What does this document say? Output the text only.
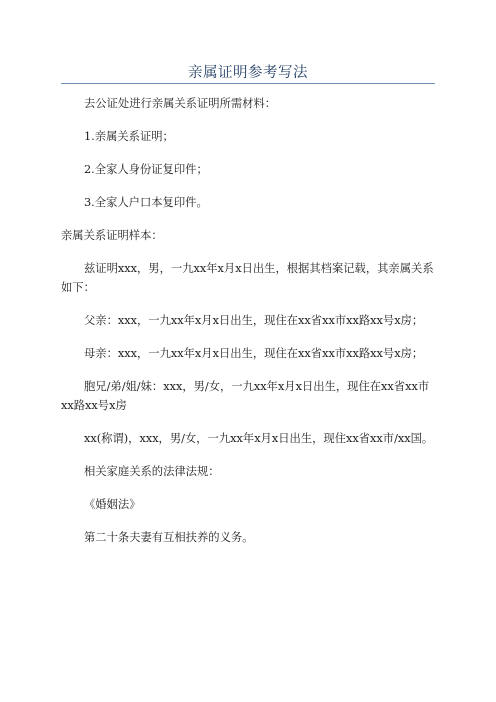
亲属证明参考写法

去公证处进行亲属关系证明所需材料：

1.亲属关系证明；

2.全家人身份证复印件；

3.全家人户口本复印件。

亲属关系证明样本：

兹证明xxx，男，一九xx年x月x日出生，根据其档案记载，其亲属关系如下：

父亲：xxx，一九xx年x月x日出生，现住在xx省xx市xx路xx号x房；

母亲：xxx，一九xx年x月x日出生，现住在xx省xx市xx路xx号x房；

胞兄/弟/姐/妹：xxx，男/女，一九xx年x月x日出生，现住在xx省xx市xx路xx号x房

xx(称谓)，xxx，男/女，一九xx年x月x日出生，现住xx省xx市/xx国。

相关家庭关系的法律法规：

《婚姻法》

第二十条夫妻有互相扶养的义务。
